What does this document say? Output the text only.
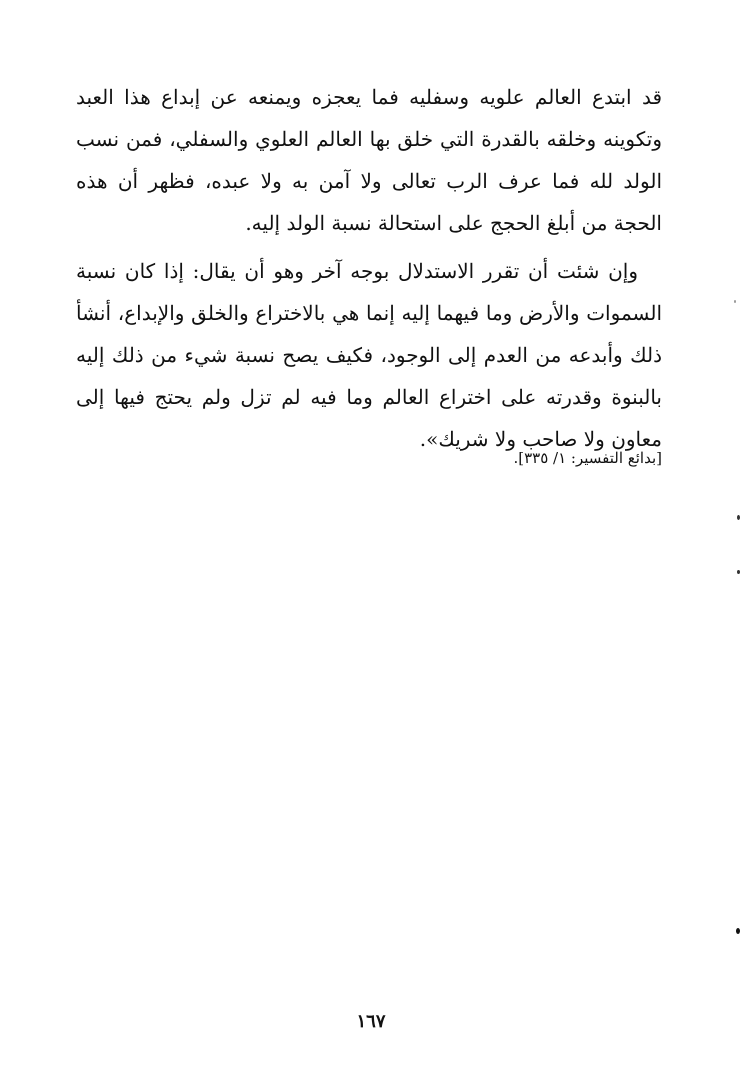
قد ابتدع العالم علويه وسفليه فما يعجزه ويمنعه عن إبداع هذا العبد وتكوينه وخلقه بالقدرة التي خلق بها العالم العلوي والسفلي، فمن نسب الولد لله فما عرف الرب تعالى ولا آمن به ولا عبده، فظهر أن هذه الحجة من أبلغ الحجج على استحالة نسبة الولد إليه.

وإن شئت أن تقرر الاستدلال بوجه آخر وهو أن يقال: إذا كان نسبة السموات والأرض وما فيهما إليه إنما هي بالاختراع والخلق والإبداع، أنشأ ذلك وأبدعه من العدم إلى الوجود، فكيف يصح نسبة شيء من ذلك إليه بالبنوة وقدرته على اختراع العالم وما فيه لم تزل ولم يحتج فيها إلى معاون ولا صاحب ولا شريك».

[بدائع التفسير: ١/ ٣٣٥].
١٦٧
